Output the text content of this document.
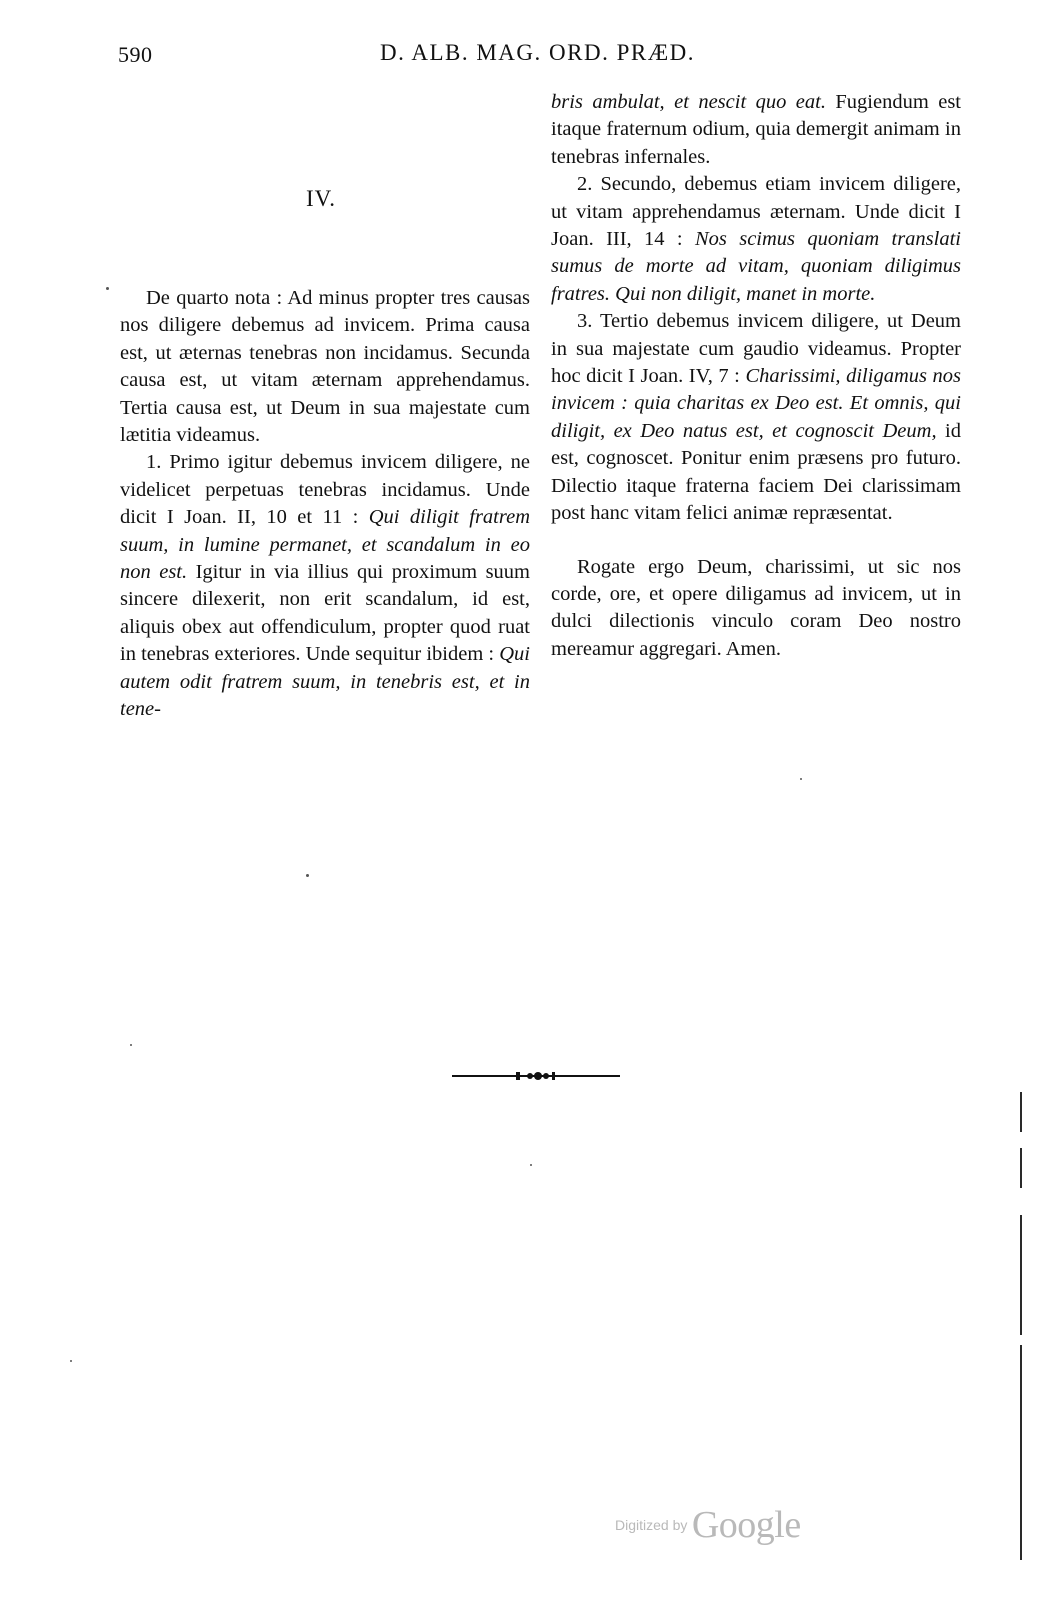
590	D. ALB. MAG. ORD. PRÆD.
IV.

De quarto nota : Ad minus propter tres causas nos diligere debemus ad invicem. Prima causa est, ut æternas tenebras non incidamus. Secunda causa est, ut vitam æternam apprehendamus. Tertia causa est, ut Deum in sua majestate cum lætitia videamus.

1. Primo igitur debemus invicem diligere, ne videlicet perpetuas tenebras incidamus. Unde dicit I Joan. II, 10 et 11 : Qui diligit fratrem suum, in lumine permanet, et scandalum in eo non est. Igitur in via illius qui proximum suum sincere dilexerit, non erit scandalum, id est, aliquis obex aut offendiculum, propter quod ruat in tenebras exteriores. Unde sequitur ibidem : Qui autem odit fratrem suum, in tenebris est, et in tene-

bris ambulat, et nescit quo eat. Fugiendum est itaque fraternum odium, quia demergit animam in tenebras infernales.

2. Secundo, debemus etiam invicem diligere, ut vitam apprehendamus æternam. Unde dicit I Joan. III, 14 : Nos scimus quoniam translati sumus de morte ad vitam, quoniam diligimus fratres. Qui non diligit, manet in morte.

3. Tertio debemus invicem diligere, ut Deum in sua majestate cum gaudio videamus. Propter hoc dicit I Joan. IV, 7 : Charissimi, diligamus nos invicem : quia charitas ex Deo est. Et omnis, qui diligit, ex Deo natus est, et cognoscit Deum, id est, cognoscet. Ponitur enim præsens pro futuro. Dilectio itaque fraterna faciem Dei clarissimam post hanc vitam felici animæ repræsentat.

Rogate ergo Deum, charissimi, ut sic nos corde, ore, et opere diligamus ad invicem, ut in dulci dilectionis vinculo coram Deo nostro mereamur aggregari. Amen.

Digitized by Google
